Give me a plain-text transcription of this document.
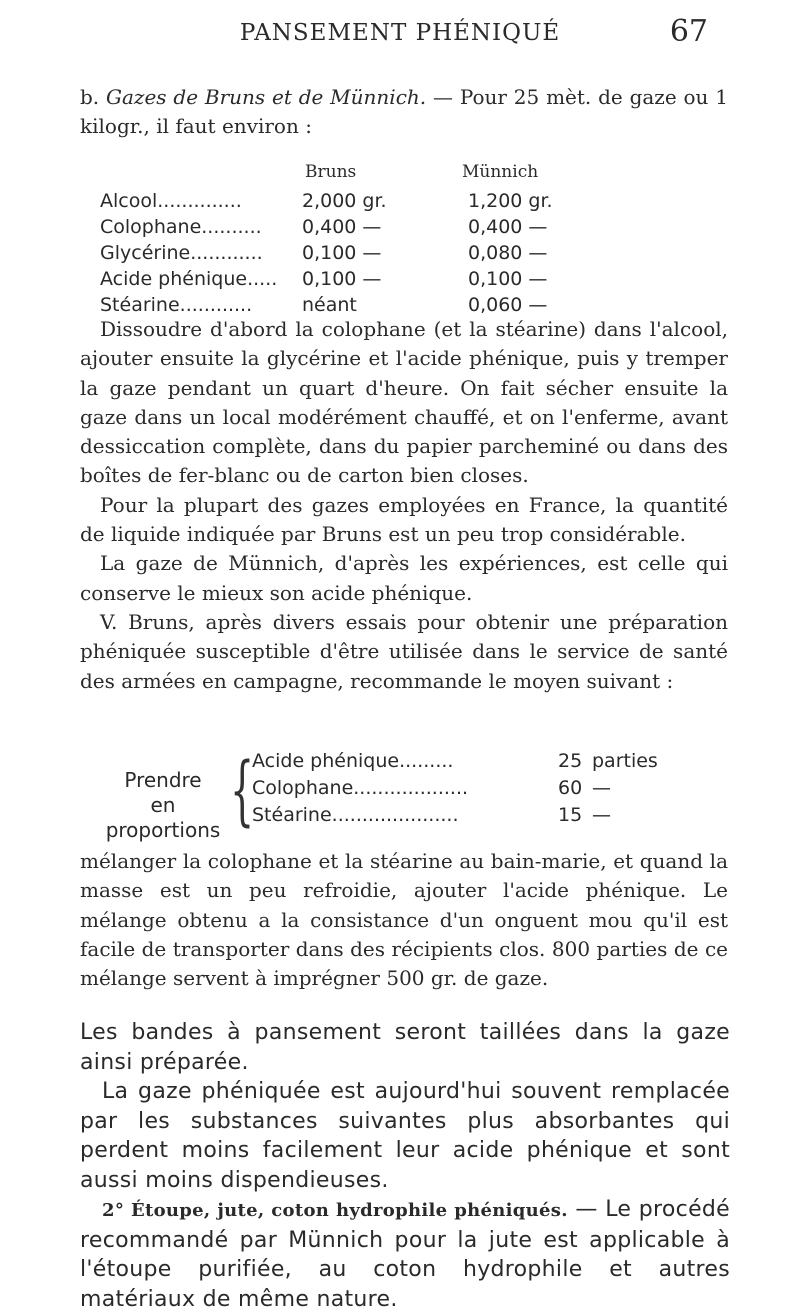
PANSEMENT PHÉNIQUÉ	67

b. Gazes de Bruns et de Münnich. — Pour 25 mèt. de gaze ou 1 kilogr., il faut environ :

Bruns	Münnich
Alcool..............	2,000 gr.	1,200 gr.
Colophane.......... 0,400 —	0,400 —
Glycérine............ 0,100 —	0,080 —
Acide phénique..... 0,100 —	0,100 —
Stéarine............	néant	0,060 —

Dissoudre d'abord la colophane (et la stéarine) dans l'alcool, ajouter ensuite la glycérine et l'acide phénique, puis y tremper la gaze pendant un quart d'heure. On fait sécher ensuite la gaze dans un local modérément chauffé, et on l'enferme, avant dessiccation complète, dans du papier parcheminé ou dans des boîtes de fer-blanc ou de carton bien closes.

Pour la plupart des gazes employées en France, la quantité de liquide indiquée par Bruns est un peu trop considérable.

La gaze de Münnich, d'après les expériences, est celle qui conserve le mieux son acide phénique.

V. Bruns, après divers essais pour obtenir une préparation phéniquée susceptible d'être utilisée dans le service de santé des armées en campagne, recommande le moyen suivant :

Prendre
en proportions {
Acide phénique.........	25 parties
Colophane...................	60 —
Stéarine.....................	15 —

mélanger la colophane et la stéarine au bain-marie, et quand la masse est un peu refroidie, ajouter l'acide phénique. Le mélange obtenu a la consistance d'un onguent mou qu'il est facile de transporter dans des récipients clos. 800 parties de ce mélange servent à imprégner 500 gr. de gaze.

Les bandes à pansement seront taillées dans la gaze ainsi préparée.

La gaze phéniquée est aujourd'hui souvent remplacée par les substances suivantes plus absorbantes qui perdent moins facilement leur acide phénique et sont aussi moins dispendieuses.

2° Étoupe, jute, coton hydrophile phéniqués. — Le procédé recommandé par Münnich pour la jute est applicable à l'étoupe purifiée, au coton hydrophile et autres matériaux de même nature.
